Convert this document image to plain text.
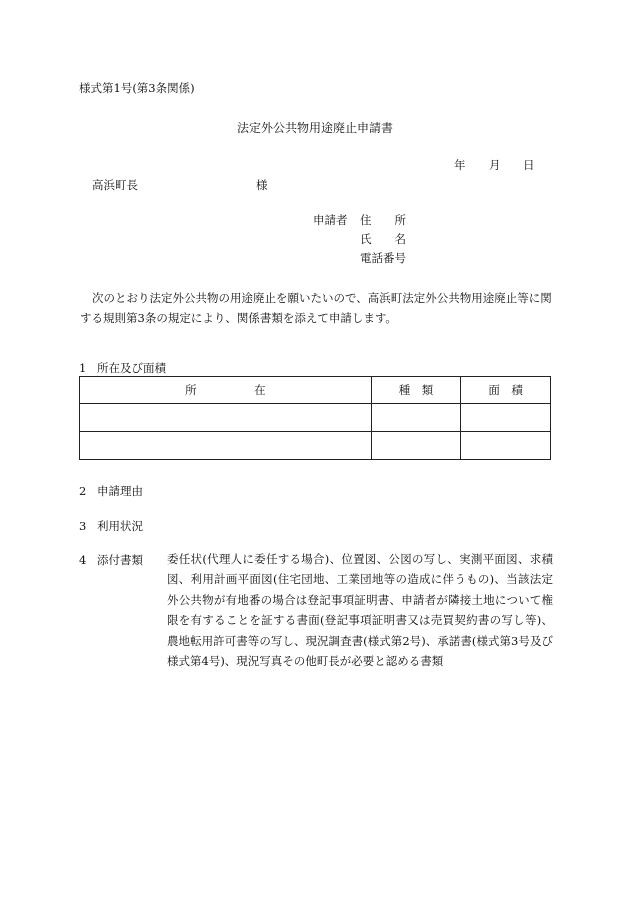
様式第1号(第3条関係)
法定外公共物用途廃止申請書
年 月 日
高浜町長	様
申請者 住　　所
氏　　名
電話番号
次のとおり法定外公共物の用途廃止を願いたいので、高浜町法定外公共物用途廃止等に関する規則第3条の規定により、関係書類を添えて申請します。
1 所在及び面積
所　　　　　在	種　類	面　積

2 申請理由
3 利用状況
4 添付書類 委任状(代理人に委任する場合)、位置図、公図の写し、実測平面図、求積図、利用計画平面図(住宅団地、工業団地等の造成に伴うもの)、当該法定外公共物が有地番の場合は登記事項証明書、申請者が隣接土地について権限を有することを証する書面(登記事項証明書又は売買契約書の写し等)、農地転用許可書等の写し、現況調査書(様式第2号)、承諾書(様式第3号及び様式第4号)、現況写真その他町長が必要と認める書類
